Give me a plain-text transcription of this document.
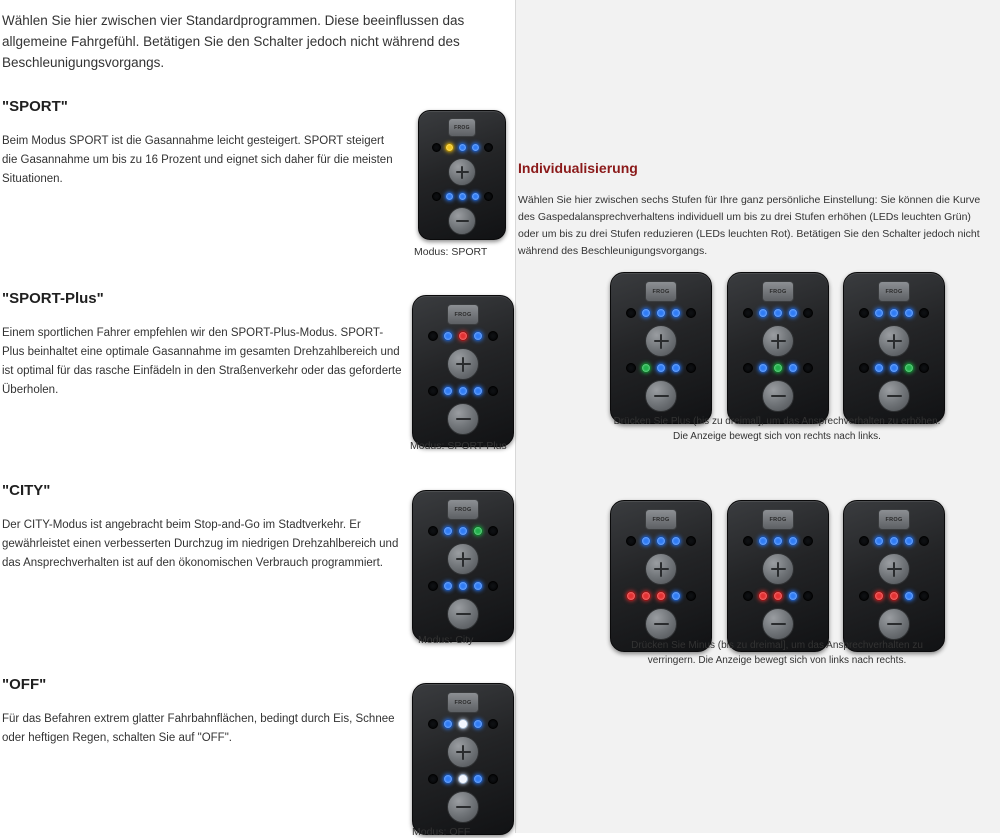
Wählen Sie hier zwischen vier Standardprogrammen. Diese beeinflussen das allgemeine Fahrgefühl. Betätigen Sie den Schalter jedoch nicht während des Beschleunigungsvorgangs.
"SPORT"
Beim Modus SPORT ist die Gasannahme leicht gesteigert. SPORT steigert die Gasannahme um bis zu 16 Prozent und eignet sich daher für die meisten Situationen.
FROG
Modus: SPORT
"SPORT-Plus"
Einem sportlichen Fahrer empfehlen wir den SPORT-Plus-Modus. SPORT-Plus beinhaltet eine optimale Gasannahme im gesamten Drehzahlbereich und ist optimal für das rasche Einfädeln in den Straßenverkehr oder das geforderte Überholen.
FROG
Modus: SPORT-Plus
"CITY"
Der CITY-Modus ist angebracht beim Stop-and-Go im Stadtverkehr. Er gewährleistet einen verbesserten Durchzug im niedrigen Drehzahlbereich und das Ansprechverhalten ist auf den ökonomischen Verbrauch programmiert.
FROG
Modus: City
"OFF"
Für das Befahren extrem glatter Fahrbahnflächen, bedingt durch Eis, Schnee oder heftigen Regen, schalten Sie auf "OFF".
FROG
Modus: OFF
Individualisierung
Wählen Sie hier zwischen sechs Stufen für Ihre ganz persönliche Einstellung: Sie können die Kurve des Gaspedalansprechverhaltens individuell um bis zu drei Stufen erhöhen (LEDs leuchten Grün) oder um bis zu drei Stufen reduzieren (LEDs leuchten Rot). Betätigen Sie den Schalter jedoch nicht während des Beschleunigungsvorgangs.
FROG	FROG	FROG
Drücken Sie Plus (bis zu dreimal], um das Ansprechverhalten zu erhöhen. Die Anzeige bewegt sich von rechts nach links.
FROG	FROG	FROG
Drücken Sie Minus (bis zu dreimal], um das Ansprechverhalten zu verringern. Die Anzeige bewegt sich von links nach rechts.
